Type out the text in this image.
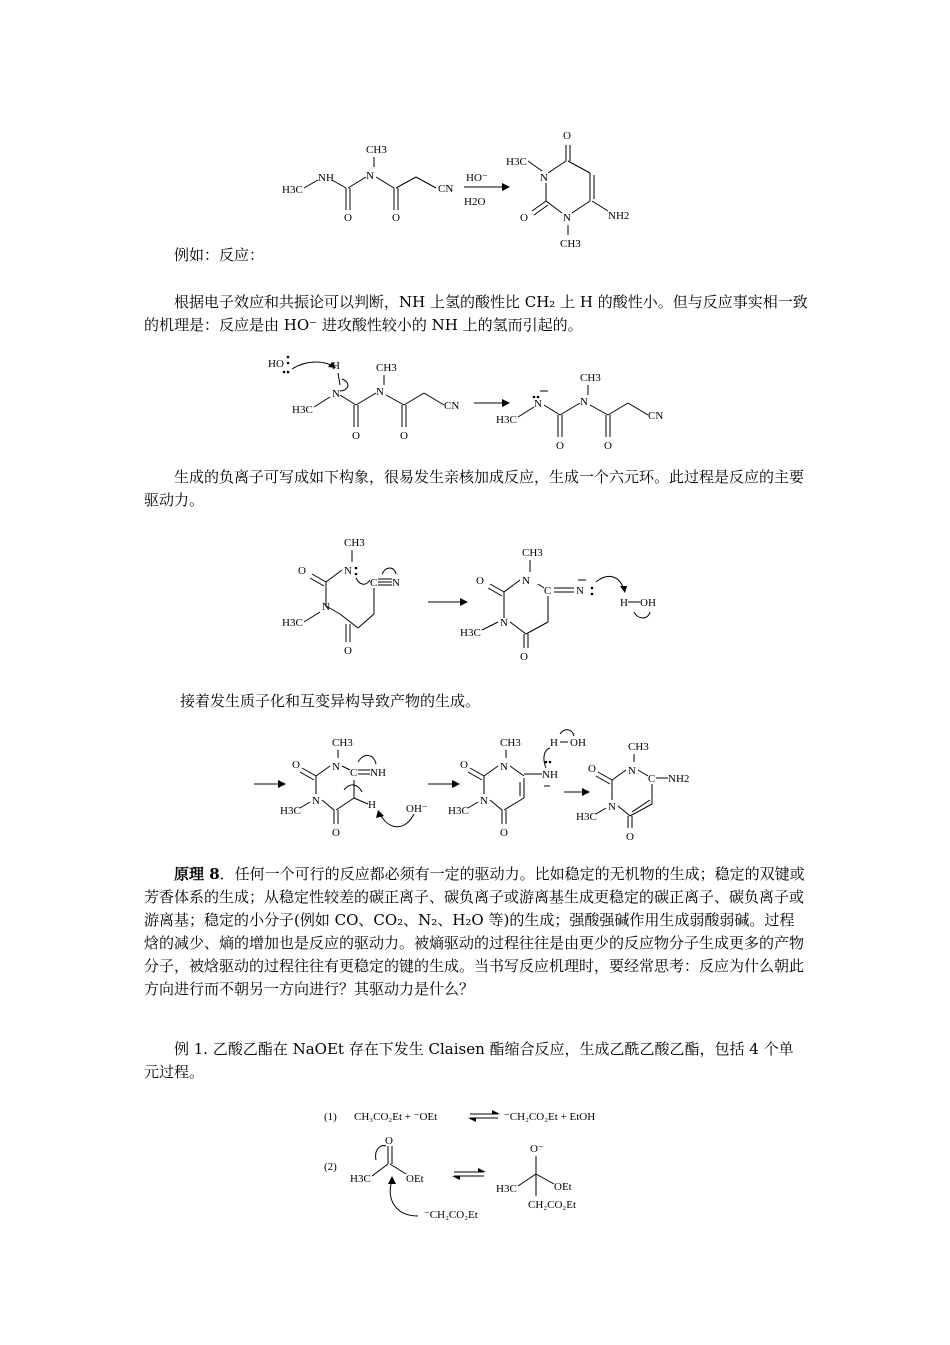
H3C
NH
O
N
CH3
O
CN
HO⁻
H2O
H3C
N
O
NH2
N
CH3
O

例如：反应：

根据电子效应和共振论可以判断，NH 上氢的酸性比 CH₂ 上 H 的酸性小。但与反应事实相一致的机理是：反应是由 HO⁻ 进攻酸性较小的 NH 上的氢而引起的。

HO	H
H3C
N
O
N
CH3
O
CN
H3C
N
O
N
CH3
O
CN

生成的负离子可写成如下构象，很易发生亲核加成反应，生成一个六元环。此过程是反应的主要驱动力。

CH3
N
O
N
H3C
O
C N
CH3
N
O
N
H3C
O
C N
H OH

接着发生质子化和互变异构导致产物的生成。

CH3
N
O
N
H3C
O
C NH
H	OH⁻
CH3
N
O
N
H3C
O
NH
H OH	CH3
N
O
N
H3C
O
C NH2

原理 8．任何一个可行的反应都必须有一定的驱动力。比如稳定的无机物的生成；稳定的双键或芳香体系的生成；从稳定性较差的碳正离子、碳负离子或游离基生成更稳定的碳正离子、碳负离子或游离基；稳定的小分子(例如 CO、CO₂、N₂、H₂O 等)的生成；强酸强碱作用生成弱酸弱碱。过程焓的减少、熵的增加也是反应的驱动力。被熵驱动的过程往往是由更少的反应物分子生成更多的产物分子，被焓驱动的过程往往有更稳定的键的生成。当书写反应机理时，要经常思考：反应为什么朝此方向进行而不朝另一方向进行？其驱动力是什么？

例 1. 乙酸乙酯在 NaOEt 存在下发生 Claisen 酯缩合反应，生成乙酰乙酸乙酯，包括 4 个单元过程。

(1) CH₃CO₂Et + ⁻OEt	⁻CH₂CO₂Et + EtOH
(2)
H3C
O
OEt
⁻CH₂CO₂Et
O⁻
H3C	OEt
CH₂CO₂Et
